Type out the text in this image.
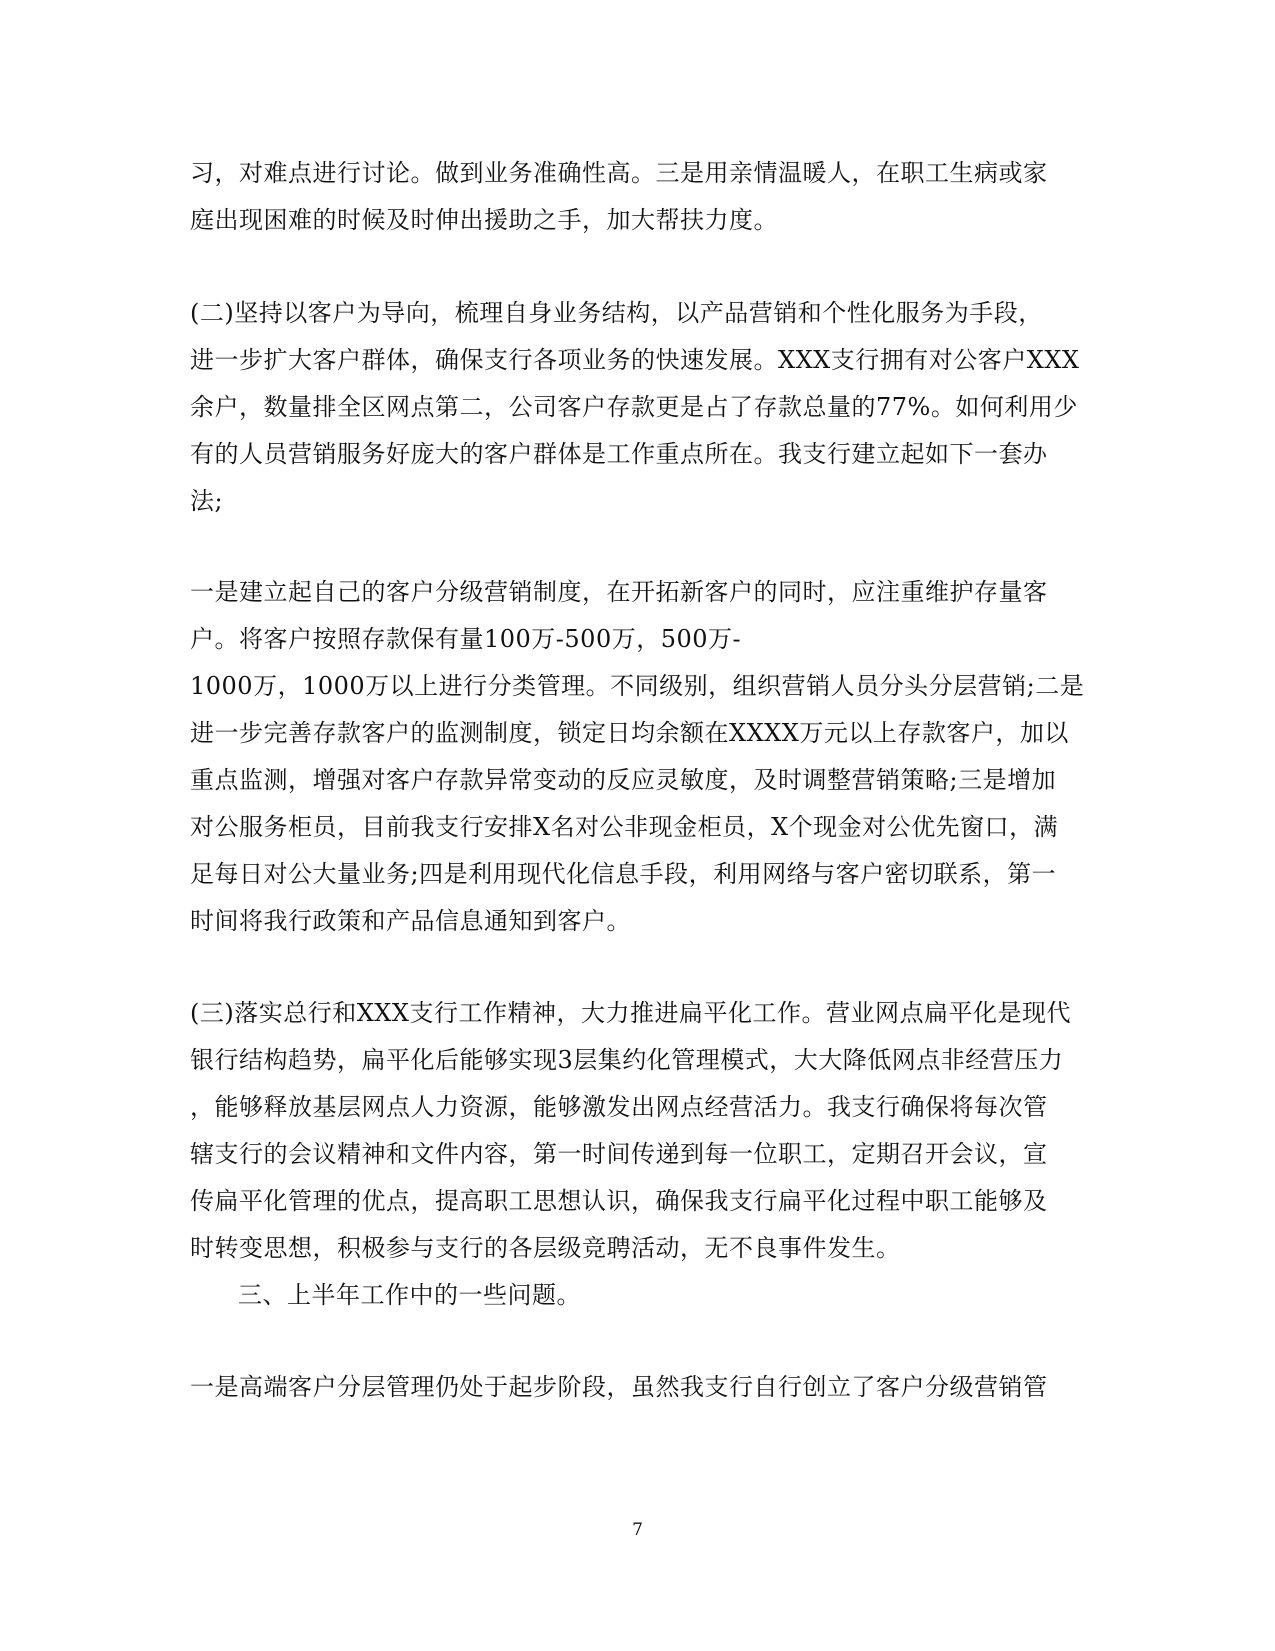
习，对难点进行讨论。做到业务准确性高。三是用亲情温暖人，在职工生病或家
庭出现困难的时候及时伸出援助之手，加大帮扶力度。
(二)坚持以客户为导向，梳理自身业务结构，以产品营销和个性化服务为手段，
进一步扩大客户群体，确保支行各项业务的快速发展。XXX支行拥有对公客户XXX
余户，数量排全区网点第二，公司客户存款更是占了存款总量的77%。如何利用少
有的人员营销服务好庞大的客户群体是工作重点所在。我支行建立起如下一套办
法;
一是建立起自己的客户分级营销制度，在开拓新客户的同时，应注重维护存量客
户。将客户按照存款保有量100万-500万，500万-
1000万，1000万以上进行分类管理。不同级别，组织营销人员分头分层营销;二是
进一步完善存款客户的监测制度，锁定日均余额在XXXX万元以上存款客户，加以
重点监测，增强对客户存款异常变动的反应灵敏度，及时调整营销策略;三是增加
对公服务柜员，目前我支行安排X名对公非现金柜员，X个现金对公优先窗口，满
足每日对公大量业务;四是利用现代化信息手段，利用网络与客户密切联系，第一
时间将我行政策和产品信息通知到客户。
(三)落实总行和XXX支行工作精神，大力推进扁平化工作。营业网点扁平化是现代
银行结构趋势，扁平化后能够实现3层集约化管理模式，大大降低网点非经营压力
，能够释放基层网点人力资源，能够激发出网点经营活力。我支行确保将每次管
辖支行的会议精神和文件内容，第一时间传递到每一位职工，定期召开会议，宣
传扁平化管理的优点，提高职工思想认识，确保我支行扁平化过程中职工能够及
时转变思想，积极参与支行的各层级竞聘活动，无不良事件发生。
三、上半年工作中的一些问题。
一是高端客户分层管理仍处于起步阶段，虽然我支行自行创立了客户分级营销管
7
